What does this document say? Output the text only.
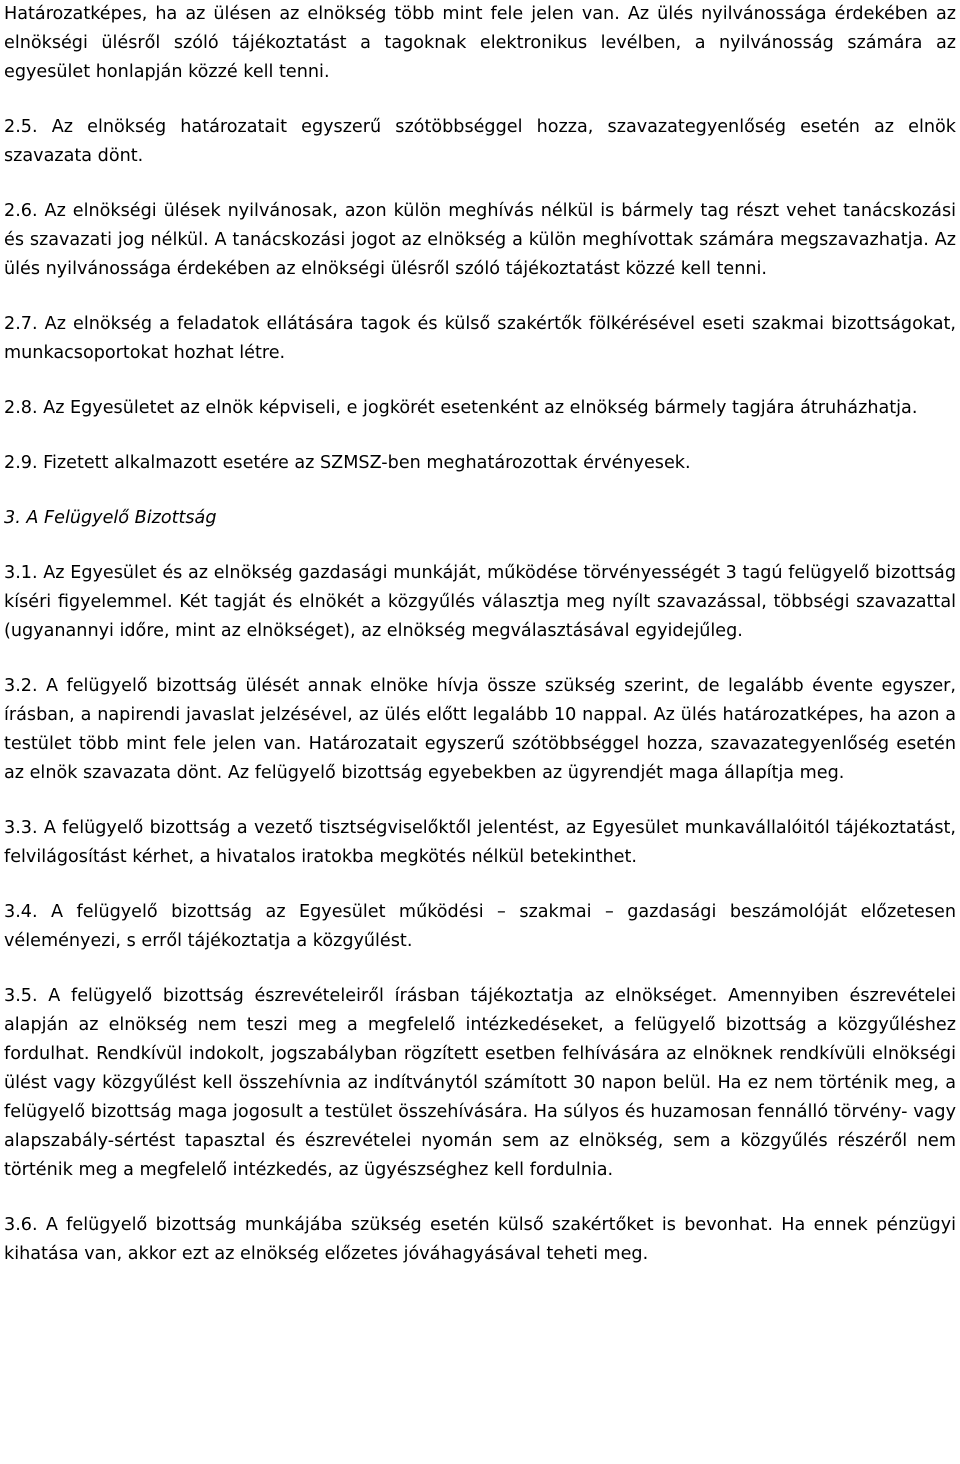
Határozatképes, ha az ülésen az elnökség több mint fele jelen van. Az ülés nyilvánossága érdekében az elnökségi ülésről szóló tájékoztatást a tagoknak elektronikus levélben, a nyilvánosság számára az egyesület honlapján közzé kell tenni.

2.5. Az elnökség határozatait egyszerű szótöbbséggel hozza, szavazategyenlőség esetén az elnök szavazata dönt.

2.6. Az elnökségi ülések nyilvánosak, azon külön meghívás nélkül is bármely tag részt vehet tanácskozási és szavazati jog nélkül. A tanácskozási jogot az elnökség a külön meghívottak számára megszavazhatja. Az ülés nyilvánossága érdekében az elnökségi ülésről szóló tájékoztatást közzé kell tenni.

2.7. Az elnökség a feladatok ellátására tagok és külső szakértők fölkérésével eseti szakmai bizottságokat, munkacsoportokat hozhat létre.

2.8. Az Egyesületet az elnök képviseli, e jogkörét esetenként az elnökség bármely tagjára átruházhatja.

2.9. Fizetett alkalmazott esetére az SZMSZ-ben meghatározottak érvényesek.

3. A Felügyelő Bizottság

3.1. Az Egyesület és az elnökség gazdasági munkáját, működése törvényességét 3 tagú felügyelő bizottság kíséri figyelemmel. Két tagját és elnökét a közgyűlés választja meg nyílt szavazással, többségi szavazattal (ugyanannyi időre, mint az elnökséget), az elnökség megválasztásával egyidejűleg.

3.2. A felügyelő bizottság ülését annak elnöke hívja össze szükség szerint, de legalább évente egyszer, írásban, a napirendi javaslat jelzésével, az ülés előtt legalább 10 nappal. Az ülés határozatképes, ha azon a testület több mint fele jelen van. Határozatait egyszerű szótöbbséggel hozza, szavazategyenlőség esetén az elnök szavazata dönt. Az felügyelő bizottság egyebekben az ügyrendjét maga állapítja meg.

3.3. A felügyelő bizottság a vezető tisztségviselőktől jelentést, az Egyesület munkavállalóitól tájékoztatást, felvilágosítást kérhet, a hivatalos iratokba megkötés nélkül betekinthet.

3.4. A felügyelő bizottság az Egyesület működési – szakmai – gazdasági beszámolóját előzetesen véleményezi, s erről tájékoztatja a közgyűlést.

3.5. A felügyelő bizottság észrevételeiről írásban tájékoztatja az elnökséget. Amennyiben észrevételei alapján az elnökség nem teszi meg a megfelelő intézkedéseket, a felügyelő bizottság a közgyűléshez fordulhat. Rendkívül indokolt, jogszabályban rögzített esetben felhívására az elnöknek rendkívüli elnökségi ülést vagy közgyűlést kell összehívnia az indítványtól számított 30 napon belül. Ha ez nem történik meg, a felügyelő bizottság maga jogosult a testület összehívására. Ha súlyos és huzamosan fennálló törvény- vagy alapszabály-sértést tapasztal és észrevételei nyomán sem az elnökség, sem a közgyűlés részéről nem történik meg a megfelelő intézkedés, az ügyészséghez kell fordulnia.

3.6. A felügyelő bizottság munkájába szükség esetén külső szakértőket is bevonhat. Ha ennek pénzügyi kihatása van, akkor ezt az elnökség előzetes jóváhagyásával teheti meg.
